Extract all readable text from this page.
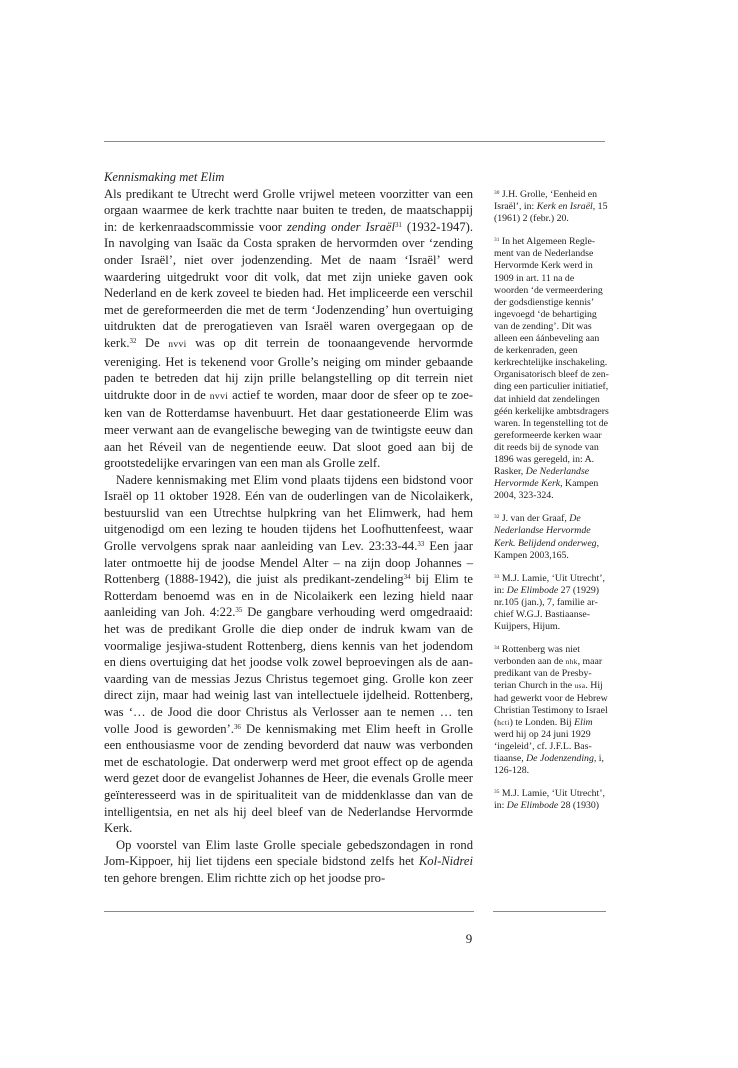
Kennismaking met Elim

Als predikant te Utrecht werd Grolle vrijwel meteen voorzitter van een orgaan waarmee de kerk trachtte naar buiten te treden, de maatschappij in: de kerkenraadscommissie voor zending onder Israël$^{31}$ (1932-1947). In navolging van Isaäc da Costa spraken de hervormden over ‘zending onder Israël’, niet over jodenzending. Met de naam ‘Israël’ werd waardering uitgedrukt voor dit volk, dat met zijn unieke gaven ook Nederland en de kerk zoveel te bieden had. Het impliceerde een verschil met de gereformeerden die met de term ‘Jodenzending’ hun overtuiging uitdrukten dat de prerogatieven van Israël waren overgegaan op de kerk.$^{32}$ De nvvi was op dit terrein de toonaangevende hervormde vereniging. Het is tekenend voor Grolle’s neiging om minder gebaande paden te betreden dat hij zijn prille belangstelling op dit terrein niet uitdrukte door in de nvvi actief te worden, maar door de sfeer op te zoeken van de Rotterdamse havenbuurt. Het daar gestationeerde Elim was meer verwant aan de evangelische beweging van de twintigste eeuw dan aan het Réveil van de negentiende eeuw. Dat sloot goed aan bij de grootstedelijke ervaringen van een man als Grolle zelf.

Nadere kennismaking met Elim vond plaats tijdens een bidstond voor Israël op 11 oktober 1928. Eén van de ouderlingen van de Nicolaikerk, bestuurslid van een Utrechtse hulpkring van het Elimwerk, had hem uitgenodigd om een lezing te houden tijdens het Loofhuttenfeest, waar Grolle vervolgens sprak naar aanleiding van Lev. 23:33-44.33 Een jaar later ontmoette hij de joodse Mendel Alter – na zijn doop Johannes – Rottenberg (1888-1942), die juist als predikant-zendeling$^{34}$ bij Elim te Rotterdam benoemd was en in de Nicolaikerk een lezing hield naar aanleiding van Joh. 4:22.35 De gangbare verhouding werd omgedraaid: het was de predikant Grolle die diep onder de indruk kwam van de voormalige jesjiwa-student Rottenberg, diens kennis van het jodendom en diens overtuiging dat het joodse volk zowel beproevingen als de aanvaarding van de messias Jezus Christus tegemoet ging. Grolle kon zeer direct zijn, maar had weinig last van intellectuele ijdelheid. Rottenberg, was ‘… de Jood die door Christus als Verlosser aan te nemen … ten volle Jood is geworden’.$^{36}$ De kennismaking met Elim heeft in Grolle een enthousiasme voor de zending bevorderd dat nauw was verbonden met de eschatologie. Dat onderwerp werd met groot effect op de agenda werd gezet door de evangelist Johannes de Heer, die evenals Grolle meer geïnteresseerd was in de spiritualiteit van de middenklasse dan van de intelligentsia, en net als hij deel bleef van de Nederlandse Hervormde Kerk.

Op voorstel van Elim laste Grolle speciale gebedszondagen in rond Jom-Kippoer, hij liet tijdens een speciale bidstond zelfs het Kol-Nidrei ten gehore brengen. Elim richtte zich op het joodse pro-

$^{30}$ J.H. Grolle, ‘Eenheid en Israël’, in: Kerk en Israël, 15 (1961) 2 (febr.) 20.

$^{31}$ In het Algemeen Reglement van de Nederlandse Hervormde Kerk werd in 1909 in art. 11 na de woorden ‘de vermeerdering der godsdienstige kennis’ ingevoegd ‘de behartiging van de zending’. Dit was alleen een áánbeveling aan de kerkenraden, geen kerkrechtelijke inschakeling. Organisatorisch bleef de zending een particulier initiatief, dat inhield dat zendelingen géén kerkelijke ambtsdragers waren. In tegenstelling tot de gereformeerde kerken waar dit reeds bij de synode van 1896 was geregeld, in: A. Rasker, De Nederlandse Hervormde Kerk, Kampen 2004, 323-324.

$^{32}$ J. van der Graaf, De Nederlandse Hervormde Kerk. Belijdend onderweg, Kampen 2003,165.

$^{33}$ M.J. Lamie, ‘Uit Utrecht’, in: De Elimbode 27 (1929) nr.105 (jan.), 7, familie archief W.G.J. Bastiaanse-Kuijpers, Hijum.

$^{34}$ Rottenberg was niet verbonden aan de nhk, maar predikant van de Presbyterian Church in the usa. Hij had gewerkt voor de Hebrew Christian Testimony to Israel (hcti) te Londen. Bij Elim werd hij op 24 juni 1929 ‘ingeleid’, cf. J.F.L. Bastiaanse, De Jodenzending, i, 126-128.

$^{35}$ M.J. Lamie, ‘Uit Utrecht’, in: De Elimbode 28 (1930)

9
